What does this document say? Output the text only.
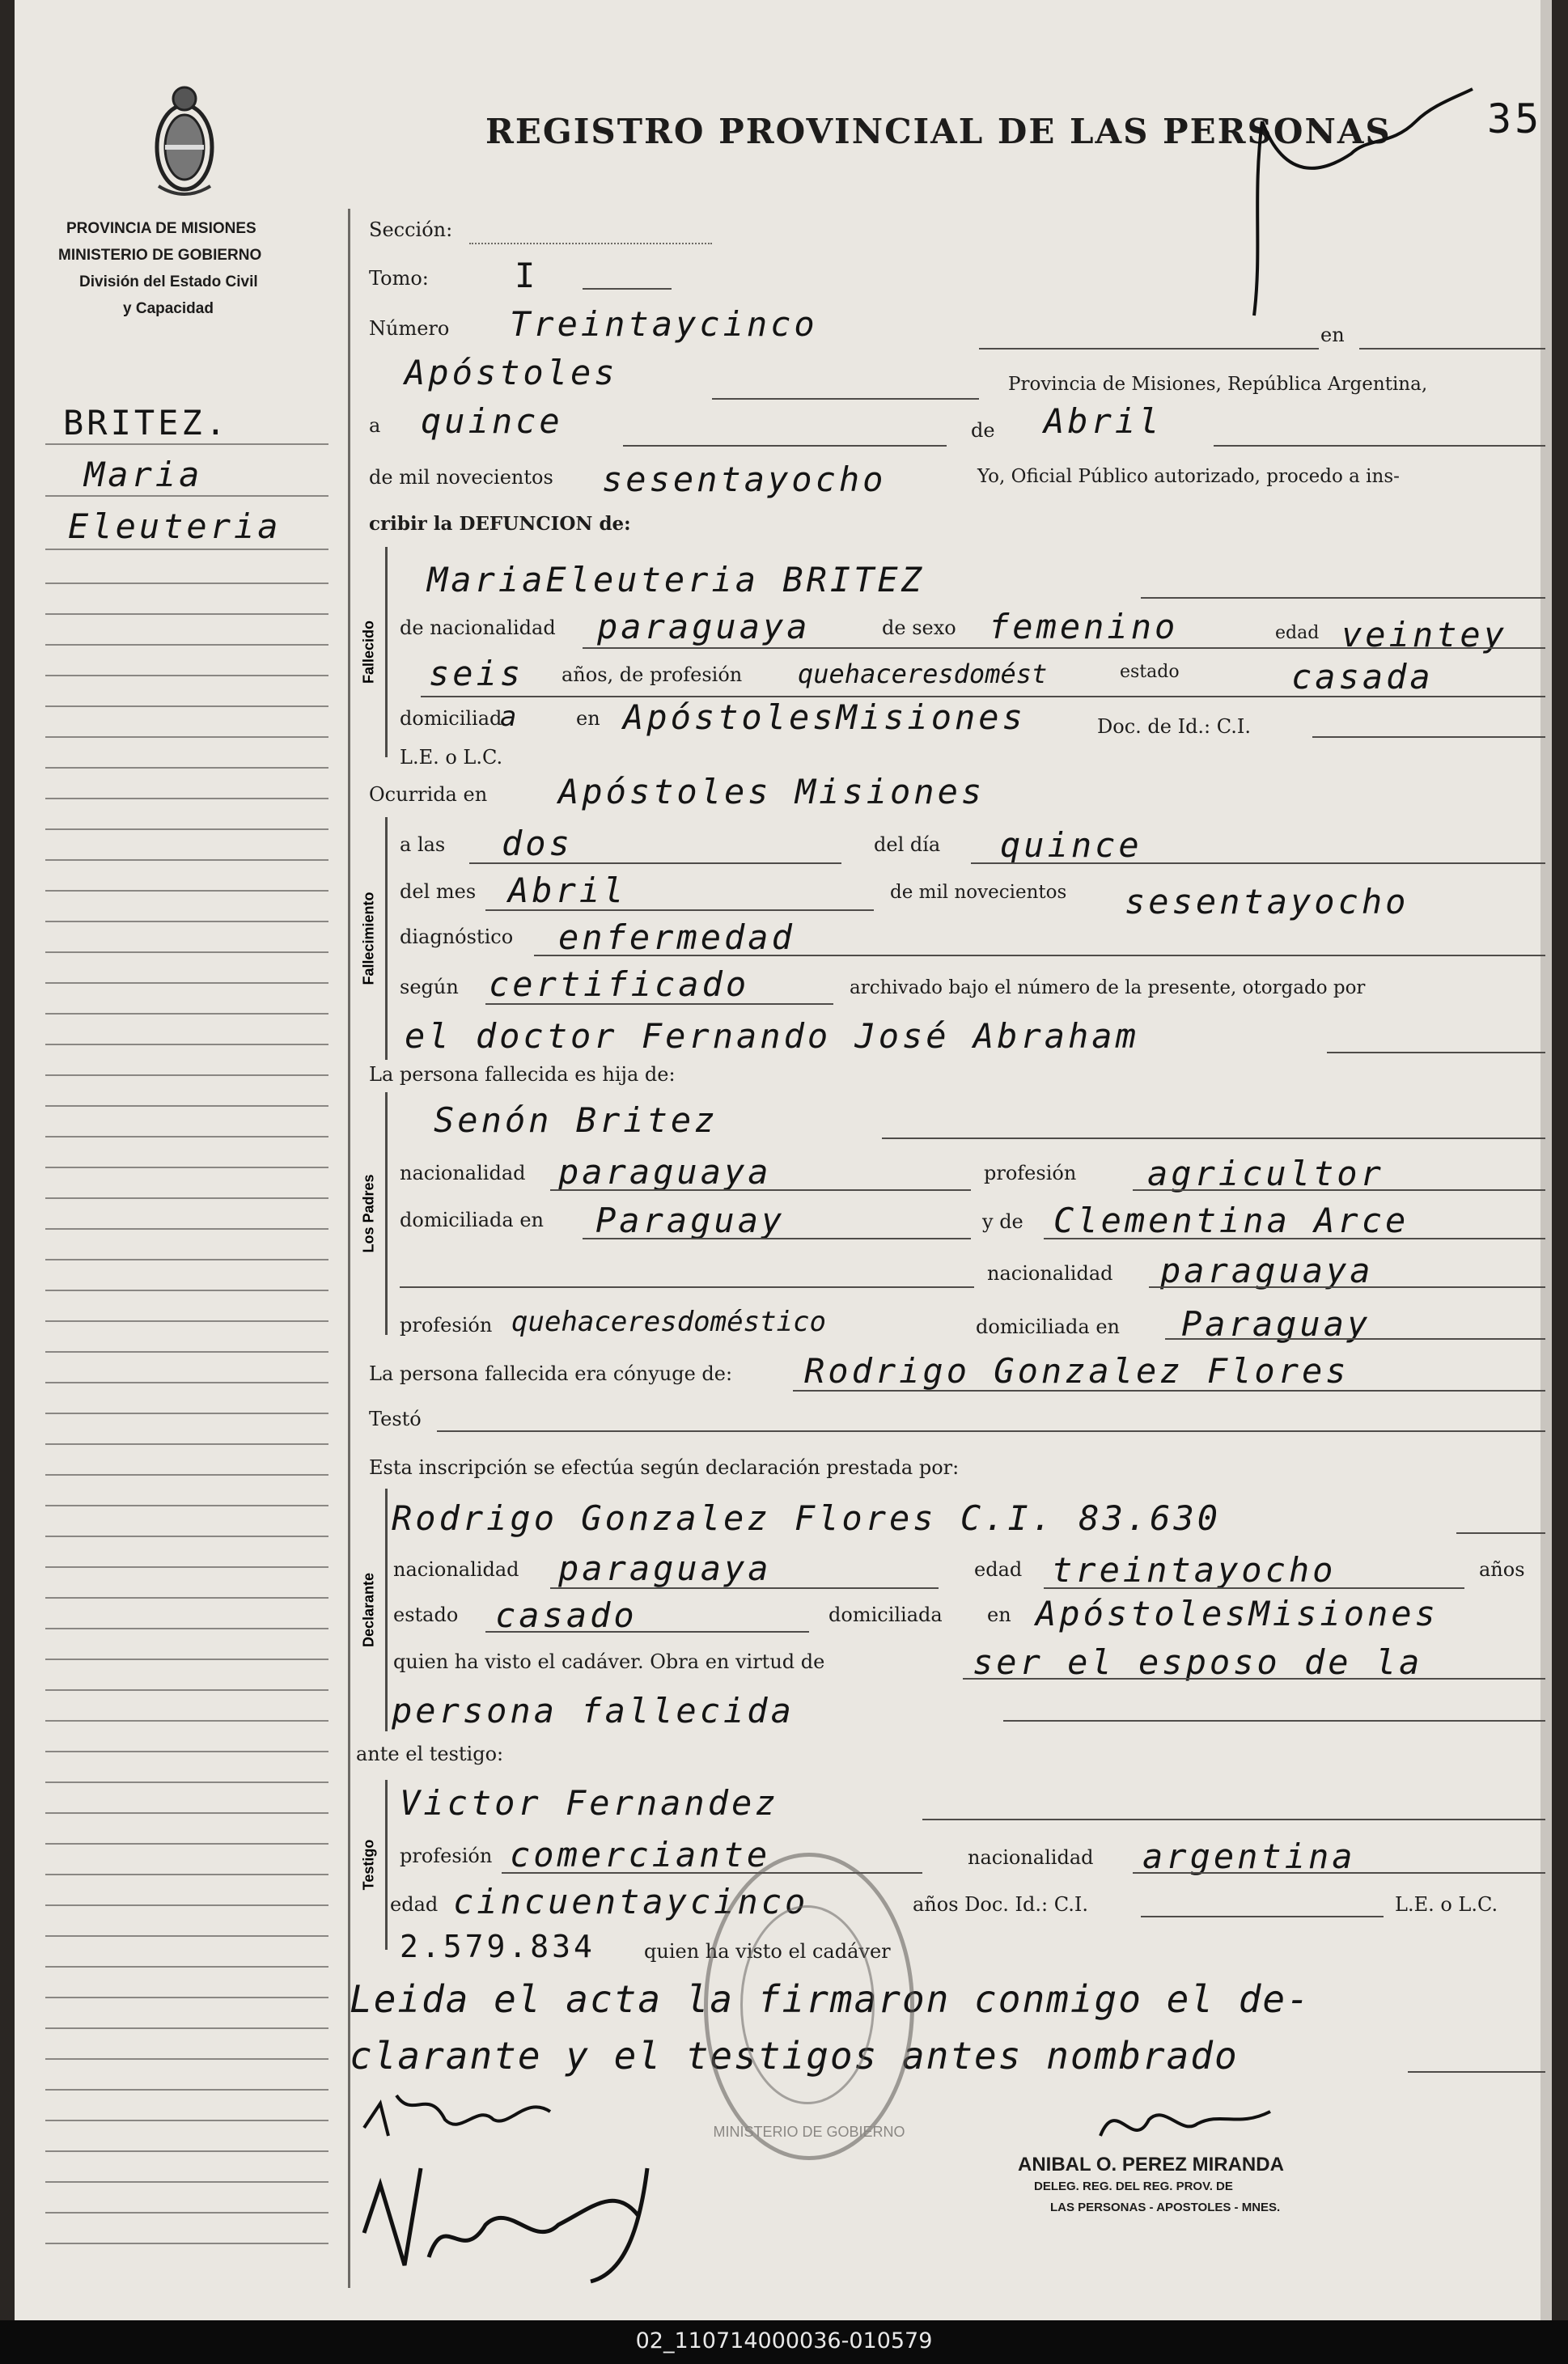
REGISTRO PROVINCIAL DE LAS PERSONAS 35
PROVINCIA DE MISIONES
MINISTERIO DE GOBIERNO
División del Estado Civil
y Capacidad
BRITEZ.
Maria
Eleuteria
Sección:
Tomo:	I
Número Treintaycinco	en
Apóstoles	Provincia de Misiones, República Argentina,
a quince	de Abril
de mil novecientos sesentayocho	Yo, Oficial Público autorizado, procedo a ins-
cribir la DEFUNCION de:
Fallecido
MariaEleuteria BRITEZ
de nacionalidad paraguaya	de sexo femenino	edad veintey
seis años, de profesión quehaceresdomést	estado	casada
domiciliad
a	en ApóstolesMisiones	Doc. de Id.: C.I.
L.E. o L.C.
Ocurrida en Apóstoles Misiones
Fallecimiento
a las dos	del día quince
del mes Abril	de mil novecientos sesentayocho
diagnóstico enfermedad
según certificado	archivado bajo el número de la presente, otorgado por
el doctor Fernando José Abraham
La persona fallecida es hija de:
Los Padres
Senón Britez
nacionalidad paraguaya	profesión agricultor
domiciliada en Paraguay	y de Clementina Arce
nacionalidad paraguaya
profesión quehaceresdoméstico	domiciliada en Paraguay
La persona fallecida era cónyuge de: Rodrigo Gonzalez Flores
Testó
Esta inscripción se efectúa según declaración prestada por:
Declarante
Rodrigo Gonzalez Flores C.I. 83.630
nacionalidad paraguaya	edad treintayocho	años
estado casado	domiciliada en ApóstolesMisiones
quien ha visto el cadáver. Obra en virtud de	ser el esposo de la
persona fallecida
ante el testigo:
Testigo
Victor Fernandez
profesión comerciante	nacionalidad argentina
edad cincuentaycinco	años Doc. Id.: C.I.	L.E. o L.C.
2.579.834	quien ha visto el cadáver
Leida el acta la firmaron conmigo el de-
clarante y el testigos antes nombrado
MINISTERIO DE GOBIERNO
ANIBAL O. PEREZ MIRANDA
DELEG. REG. DEL REG. PROV. DE
LAS PERSONAS - APOSTOLES - MNES.
02_110714000036-010579
